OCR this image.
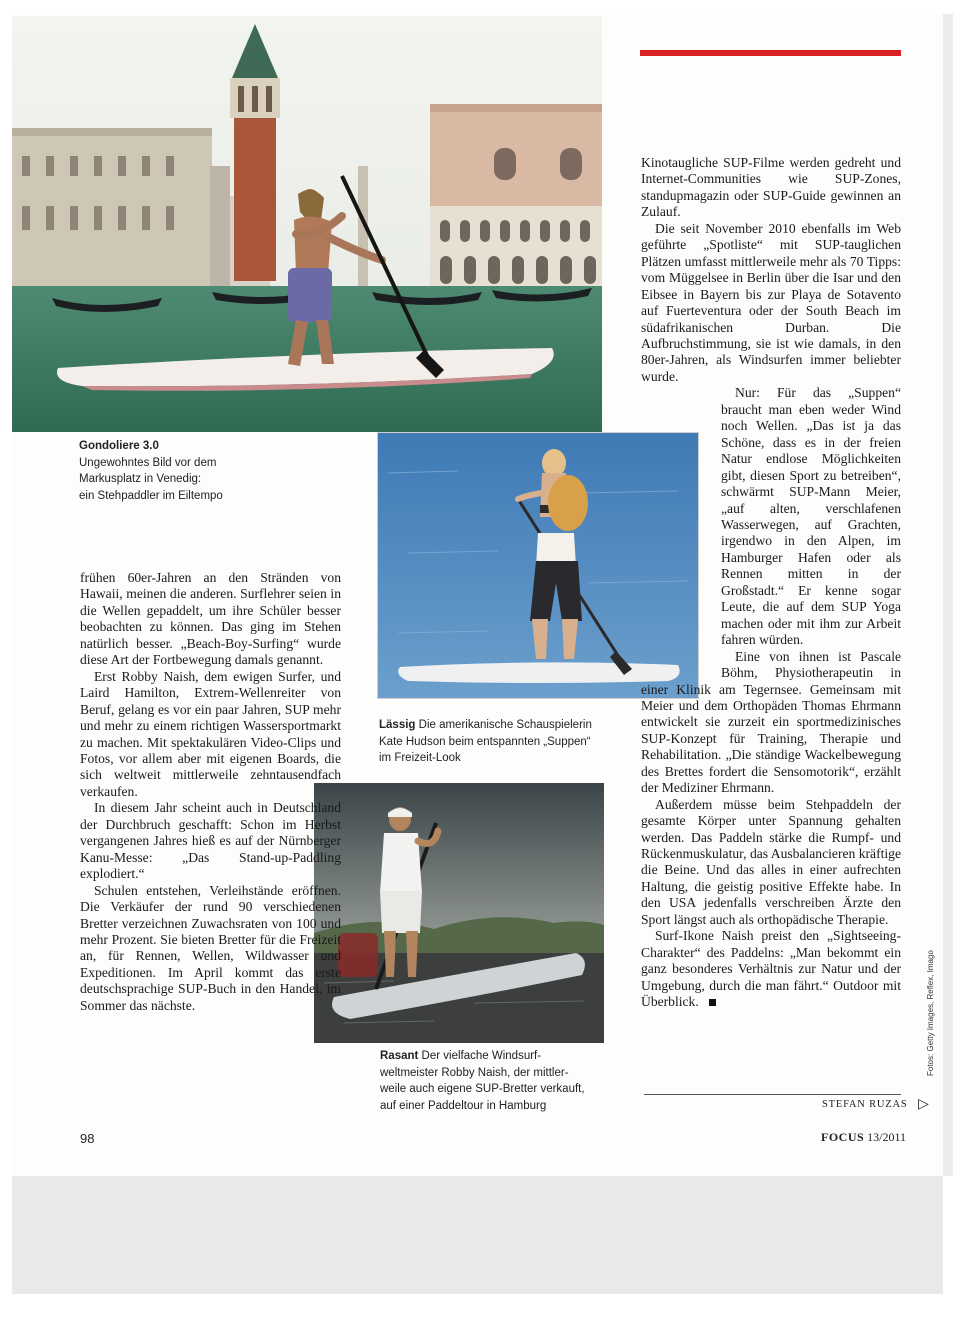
Gondoliere 3.0
Ungewohntes Bild vor dem
Markusplatz in Venedig:
ein Stehpaddler im Eiltempo
Lässig Die amerikanische Schauspielerin
Kate Hudson beim entspannten „Suppen“
im Freizeit-Look
Rasant Der vielfache Windsurf-
weltmeister Robby Naish, der mittler-
weile auch eigene SUP-Bretter verkauft,
auf einer Paddeltour in Hamburg

frühen 60er-Jahren an den Stränden von Hawaii, meinen die anderen. Surflehrer seien in die Wellen gepaddelt, um ihre Schüler besser beobachten zu können. Das ging im Stehen natürlich besser. „Beach-Boy-Surfing“ wurde diese Art der Fortbewegung damals genannt.

Erst Robby Naish, dem ewigen Surfer, und Laird Hamilton, Extrem-Wellenreiter von Beruf, gelang es vor ein paar Jahren, SUP mehr und mehr zu einem richtigen Wassersportmarkt zu machen. Mit spektakulären Video-Clips und Fotos, vor allem aber mit eigenen Boards, die sich weltweit mittlerweile zehntausendfach verkaufen.

In diesem Jahr scheint auch in Deutschland der Durchbruch geschafft: Schon im Herbst vergangenen Jahres hieß es auf der Nürnberger Kanu-Messe: „Das Stand-up-Paddling explodiert.“

Schulen entstehen, Verleihstände eröffnen. Die Verkäufer der rund 90 verschiedenen Bretter verzeichnen Zuwachsraten von 100 und mehr Prozent. Sie bieten Bretter für die Freizeit an, für Rennen, Wellen, Wildwasser und Expeditionen. Im April kommt das erste deutschsprachige SUP-Buch in den Handel, im Sommer das nächste.

Kinotaugliche SUP-Filme werden gedreht und Internet-Communities wie SUP-Zones, standupmagazin oder SUP-Guide gewinnen an Zulauf.

Die seit November 2010 ebenfalls im Web geführte „Spotliste“ mit SUP-tauglichen Plätzen umfasst mittlerweile mehr als 70 Tipps: vom Müggelsee in Berlin über die Isar und den Eibsee in Bayern bis zur Playa de Sotavento auf Fuerteventura oder der South Beach im südafrikanischen Durban. Die Aufbruchstimmung, sie ist wie damals, in den 80er-Jahren, als Windsurfen immer beliebter wurde.

Nur: Für das „Suppen“ braucht man eben weder Wind noch Wellen. „Das ist ja das Schöne, dass es in der freien Natur endlose Möglichkeiten gibt, diesen Sport zu betreiben“, schwärmt SUP-Mann Meier, „auf alten, verschlafenen Wasserwegen, auf Grachten, irgendwo in den Alpen, im Hamburger Hafen oder als Rennen mitten in der Großstadt.“ Er kenne sogar Leute, die auf dem SUP Yoga machen oder mit ihm zur Arbeit fahren würden.

Eine von ihnen ist Pascale Böhm, Physiotherapeutin in einer Klinik am Tegernsee. Gemeinsam mit Meier und dem Orthopäden Thomas Ehrmann entwickelt sie zurzeit ein sportmedizinisches SUP-Konzept für Training, Therapie und Rehabilitation. „Die ständige Wackelbewegung des Brettes fordert die Sensomotorik“, erzählt der Mediziner Ehrmann.

Außerdem müsse beim Stehpaddeln der gesamte Körper unter Spannung gehalten werden. Das Paddeln stärke die Rumpf- und Rückenmuskulatur, das Ausbalancieren kräftige die Beine. Und das alles in einer aufrechten Haltung, die geistig positive Effekte habe. In den USA jedenfalls verschreiben Ärzte den Sport längst auch als orthopädische Therapie.

Surf-Ikone Naish preist den „Sightseeing-Charakter“ des Paddelns: „Man bekommt ein ganz besonderes Verhältnis zur Natur und der Umgebung, durch die man fährt.“ Outdoor mit Überblick.

STEFAN RUZAS ▷
98	FOCUS 13/2011
Fotos: Getty Images, Reflex, Imago
